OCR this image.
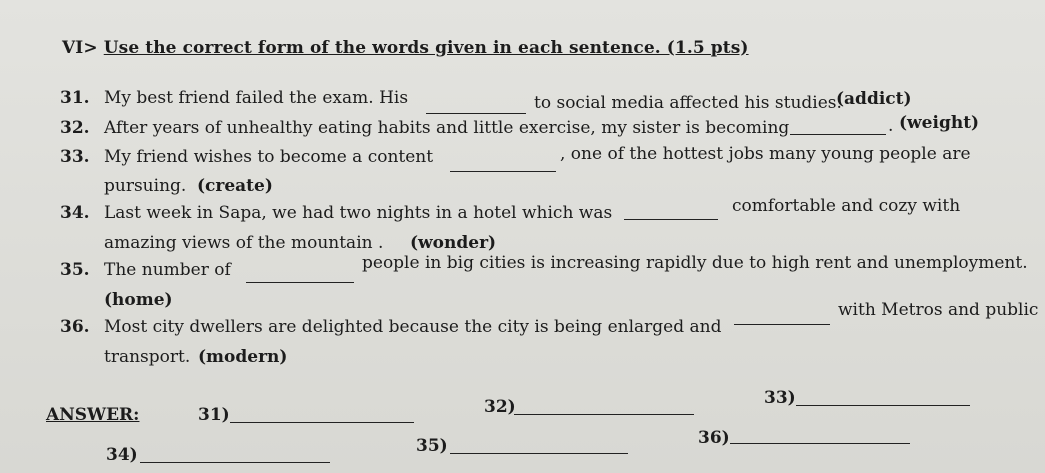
VI> Use the correct form of the words given in each sentence. (1.5 pts)
31. My best friend failed the exam. His	to social media affected his studies.
(addict)
32. After years of unhealthy eating habits and little exercise, my sister is becoming	. (weight)
33. My friend wishes to become a content	, one of the hottest jobs many young people are
pursuing. (create)
34. Last week in Sapa, we had two nights in a hotel which was	comfortable and cozy with
amazing views of the mountain . (wonder)
35. The number of	people in big cities is increasing rapidly due to high rent and unemployment.
(home)
36. Most city dwellers are delighted because the city is being enlarged and
with Metros and public
transport. (modern)
ANSWER:	31)	32)	33)
34)	35)	36)
